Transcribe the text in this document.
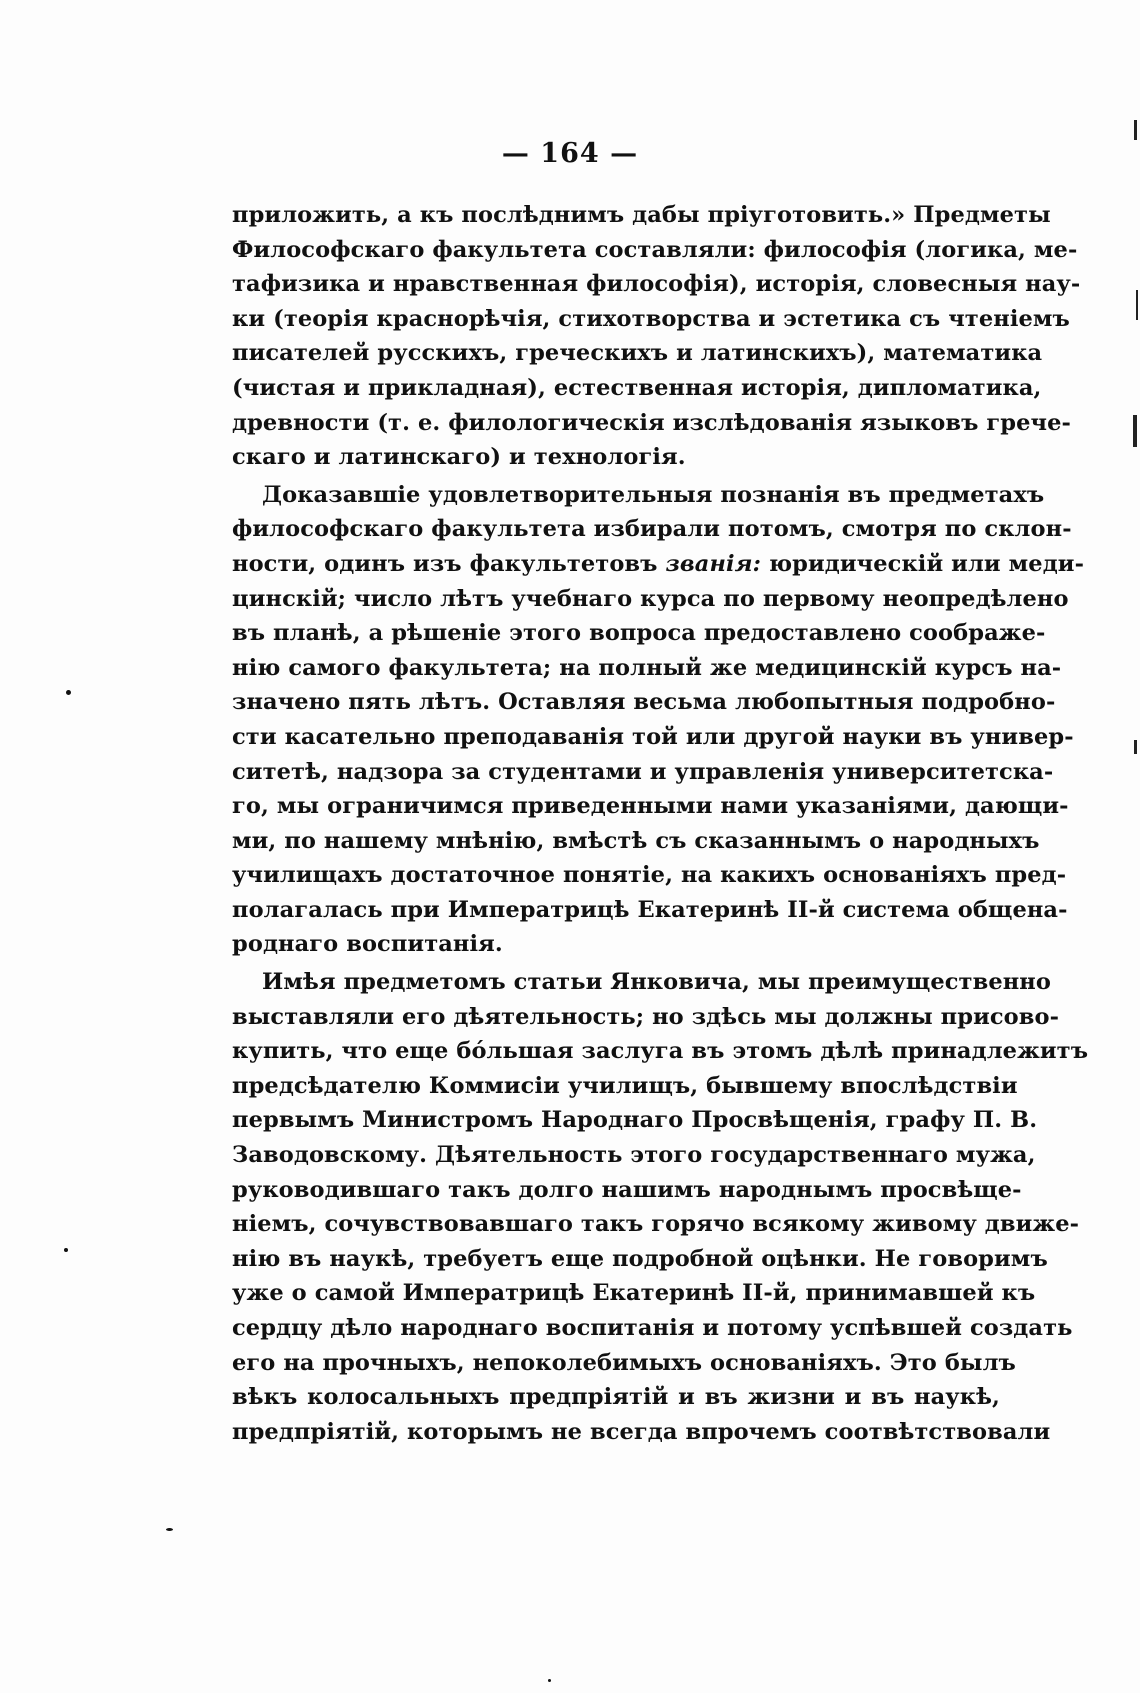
— 164 —
приложить, а къ послѣднимъ дабы пріуготовить.» Предметы
Философскаго факультета составляли: философія (логика, ме-
тафизика и нравственная философія), исторія, словесныя нау-
ки (теорія краснорѣчія, стихотворства и эстетика съ чтеніемъ
писателей русскихъ, греческихъ и латинскихъ), математика
(чистая и прикладная), естественная исторія, дипломатика,
древности (т. е. филологическія изслѣдованія языковъ грече-
скаго и латинскаго) и технологія.
Доказавшіе удовлетворительныя познанія въ предметахъ
философскаго факультета избирали потомъ, смотря по склон-
ности, одинъ изъ факультетовъ званія: юридическій или меди-
цинскій; число лѣтъ учебнаго курса по первому неопредѣлено
въ планѣ, а рѣшеніе этого вопроса предоставлено соображе-
нію самого факультета; на полный же медицинскій курсъ на-
значено пять лѣтъ. Оставляя весьма любопытныя подробно-
сти касательно преподаванія той или другой науки въ универ-
ситетѣ, надзора за студентами и управленія университетска-
го, мы ограничимся приведенными нами указаніями, дающи-
ми, по нашему мнѣнію, вмѣстѣ съ сказаннымъ о народныхъ
училищахъ достаточное понятіе, на какихъ основаніяхъ пред-
полагалась при Императрицѣ Екатеринѣ II-й система общена-
роднаго воспитанія.
Имѣя предметомъ статьи Янковича, мы преимущественно
выставляли его дѣятельность; но здѣсь мы должны присово-
купить, что еще бóльшая заслуга въ этомъ дѣлѣ принадлежитъ
предсѣдателю Коммисіи училищъ, бывшему впослѣдствіи
первымъ Министромъ Народнаго Просвѣщенія, графу П. В.
Заводовскому. Дѣятельность этого государственнаго мужа,
руководившаго такъ долго нашимъ народнымъ просвѣще-
ніемъ, сочувствовавшаго такъ горячо всякому живому движе-
нію въ наукѣ, требуетъ еще подробной оцѣнки. Не говоримъ
уже о самой Императрицѣ Екатеринѣ II-й, принимавшей къ
сердцу дѣло народнаго воспитанія и потому успѣвшей создать
его на прочныхъ, непоколебимыхъ основаніяхъ. Это былъ
вѣкъ колосальныхъ предпріятій и въ жизни и въ наукѣ,
предпріятій, которымъ не всегда впрочемъ соотвѣтствовали
